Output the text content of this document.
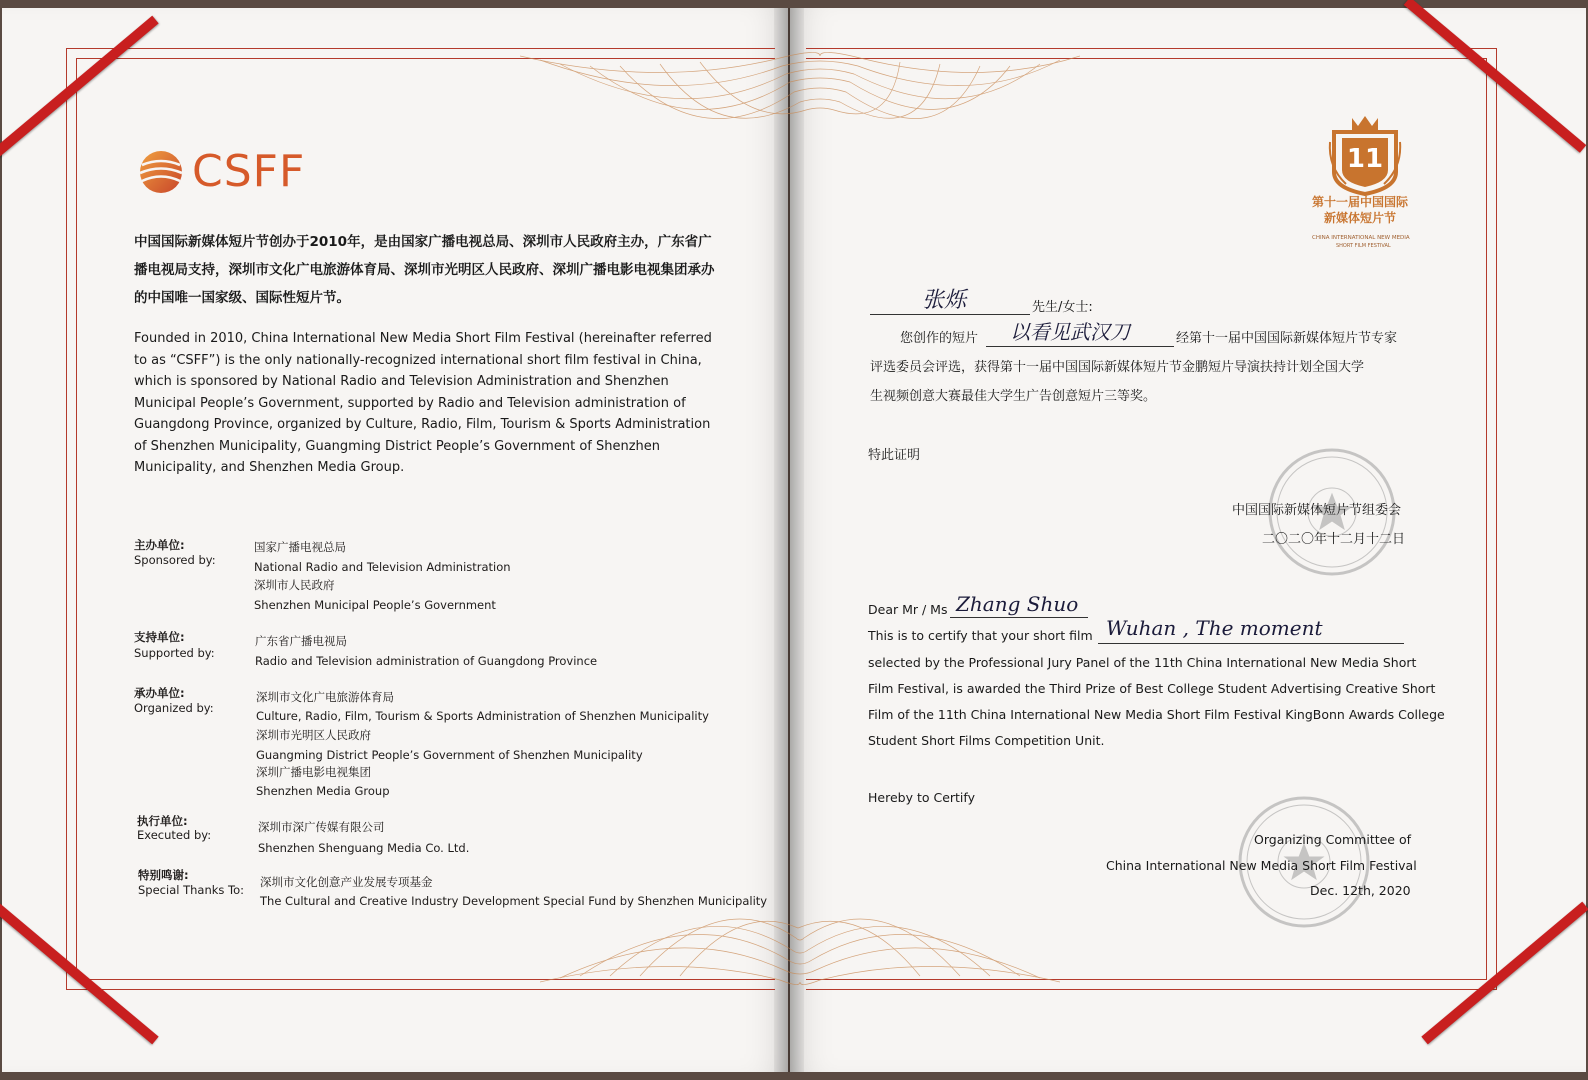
CSFF
中国国际新媒体短片节创办于2010年，是由国家广播电视总局、深圳市人民政府主办，广东省广播电视局支持，深圳市文化广电旅游体育局、深圳市光明区人民政府、深圳广播电影电视集团承办的中国唯一国家级、国际性短片节。
Founded in 2010, China International New Media Short Film Festival (hereinafter referred to as “CSFF”) is the only nationally-recognized international short film festival in China, which is sponsored by National Radio and Television Administration and Shenzhen Municipal People’s Government, supported by Radio and Television administration of Guangdong Province, organized by Culture, Radio, Film, Tourism & Sports Administration of Shenzhen Municipality, Guangming District People’s Government of Shenzhen Municipality, and Shenzhen Media Group.
主办单位:
Sponsored by:
国家广播电视总局
National Radio and Television Administration
深圳市人民政府
Shenzhen Municipal People’s Government
支持单位:
Supported by:
广东省广播电视局
Radio and Television administration of Guangdong Province
承办单位:
Organized by:
深圳市文化广电旅游体育局
Culture, Radio, Film, Tourism & Sports Administration of Shenzhen Municipality
深圳市光明区人民政府
Guangming District People’s Government of Shenzhen Municipality
深圳广播电影电视集团
Shenzhen Media Group
执行单位:
Executed by:
深圳市深广传媒有限公司
Shenzhen Shenguang Media Co. Ltd.
特别鸣谢:
Special Thanks To:
深圳市文化创意产业发展专项基金
The Cultural and Creative Industry Development Special Fund by Shenzhen Municipality
11
第十一届中国国际
新媒体短片节
CHINA INTERNATIONAL NEW MEDIA
SHORT FILM FESTIVAL
张烁	先生/女士:
您创作的短片 以看见武汉刀	经第十一届中国国际新媒体短片节专家
评选委员会评选，获得第十一届中国国际新媒体短片节金鹏短片导演扶持计划全国大学
生视频创意大赛最佳大学生广告创意短片三等奖。
特此证明
中国国际新媒体短片节组委会
二〇二〇年十二月十二日
Dear Mr / Ms Zhang Shuo
This is to certify that your short film Wuhan , The moment
selected by the Professional Jury Panel of the 11th China International New Media Short
Film Festival, is awarded the Third Prize of Best College Student Advertising Creative Short
Film of the 11th China International New Media Short Film Festival KingBonn Awards College
Student Short Films Competition Unit.
Hereby to Certify
Organizing Committee of
China International New Media Short Film Festival
Dec. 12th, 2020
